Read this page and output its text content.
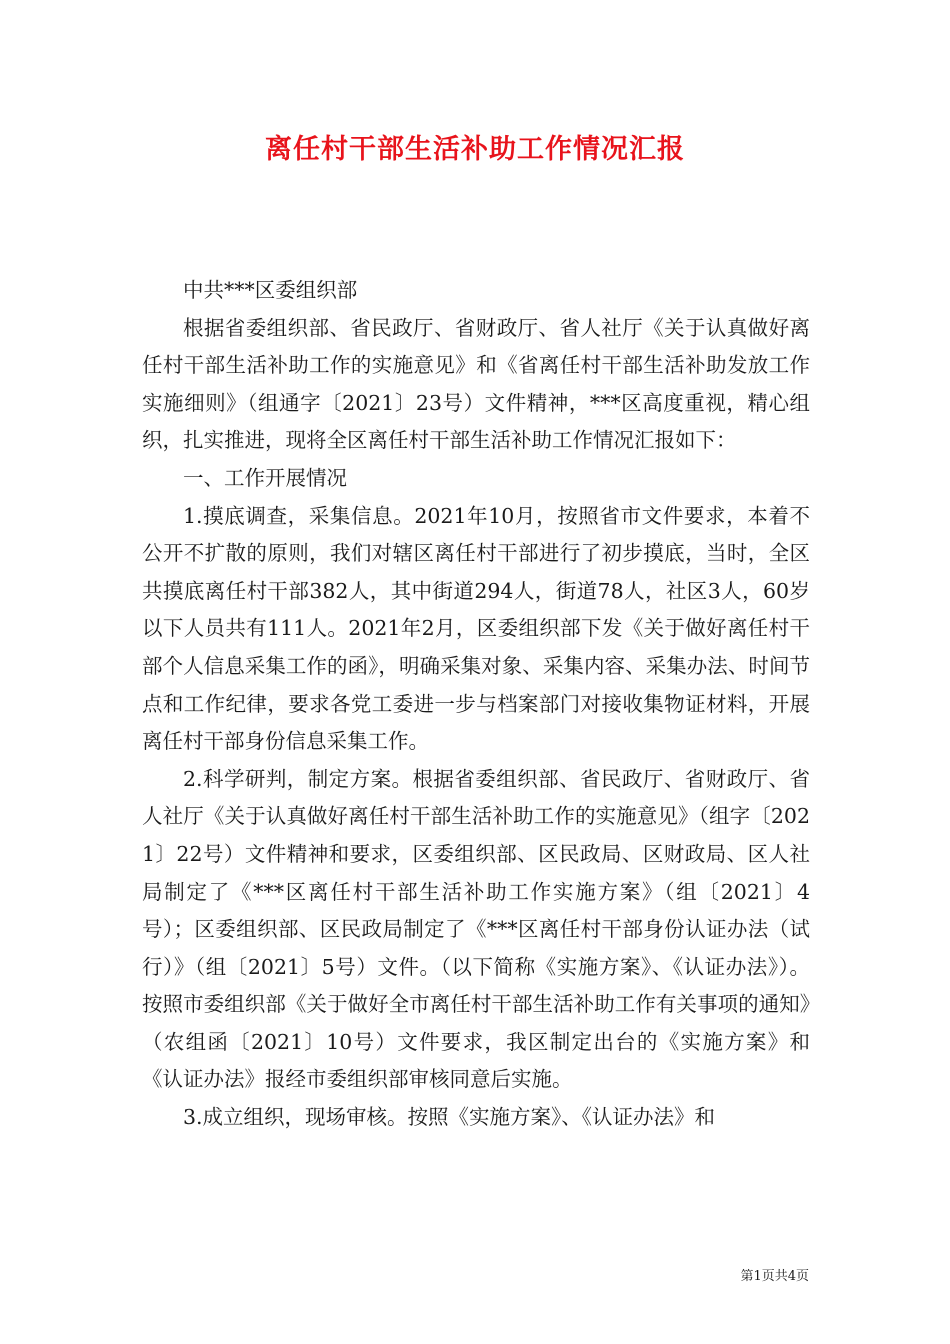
离任村干部生活补助工作情况汇报

中共***区委组织部

根据省委组织部、省民政厅、省财政厅、省人社厅《关于认真做好离任村干部生活补助工作的实施意见》和《省离任村干部生活补助发放工作实施细则》（组通字〔2021〕23号）文件精神，***区高度重视，精心组织，扎实推进，现将全区离任村干部生活补助工作情况汇报如下：

一、工作开展情况

1.摸底调查，采集信息。2021年10月，按照省市文件要求，本着不公开不扩散的原则，我们对辖区离任村干部进行了初步摸底，当时，全区共摸底离任村干部382人，其中街道294人，街道78人，社区3人，60岁以下人员共有111人。2021年2月，区委组织部下发《关于做好离任村干部个人信息采集工作的函》，明确采集对象、采集内容、采集办法、时间节点和工作纪律，要求各党工委进一步与档案部门对接收集物证材料，开展离任村干部身份信息采集工作。

2.科学研判，制定方案。根据省委组织部、省民政厅、省财政厅、省人社厅《关于认真做好离任村干部生活补助工作的实施意见》（组字〔2021〕22号）文件精神和要求，区委组织部、区民政局、区财政局、区人社局制定了《***区离任村干部生活补助工作实施方案》（组〔2021〕4号）；区委组织部、区民政局制定了《***区离任村干部身份认证办法（试行）》（组〔2021〕5号）文件。（以下简称《实施方案》、《认证办法》）。按照市委组织部《关于做好全市离任村干部生活补助工作有关事项的通知》（农组函〔2021〕10号）文件要求，我区制定出台的《实施方案》和《认证办法》报经市委组织部审核同意后实施。

3.成立组织，现场审核。按照《实施方案》、《认证办法》和

第1页共4页
